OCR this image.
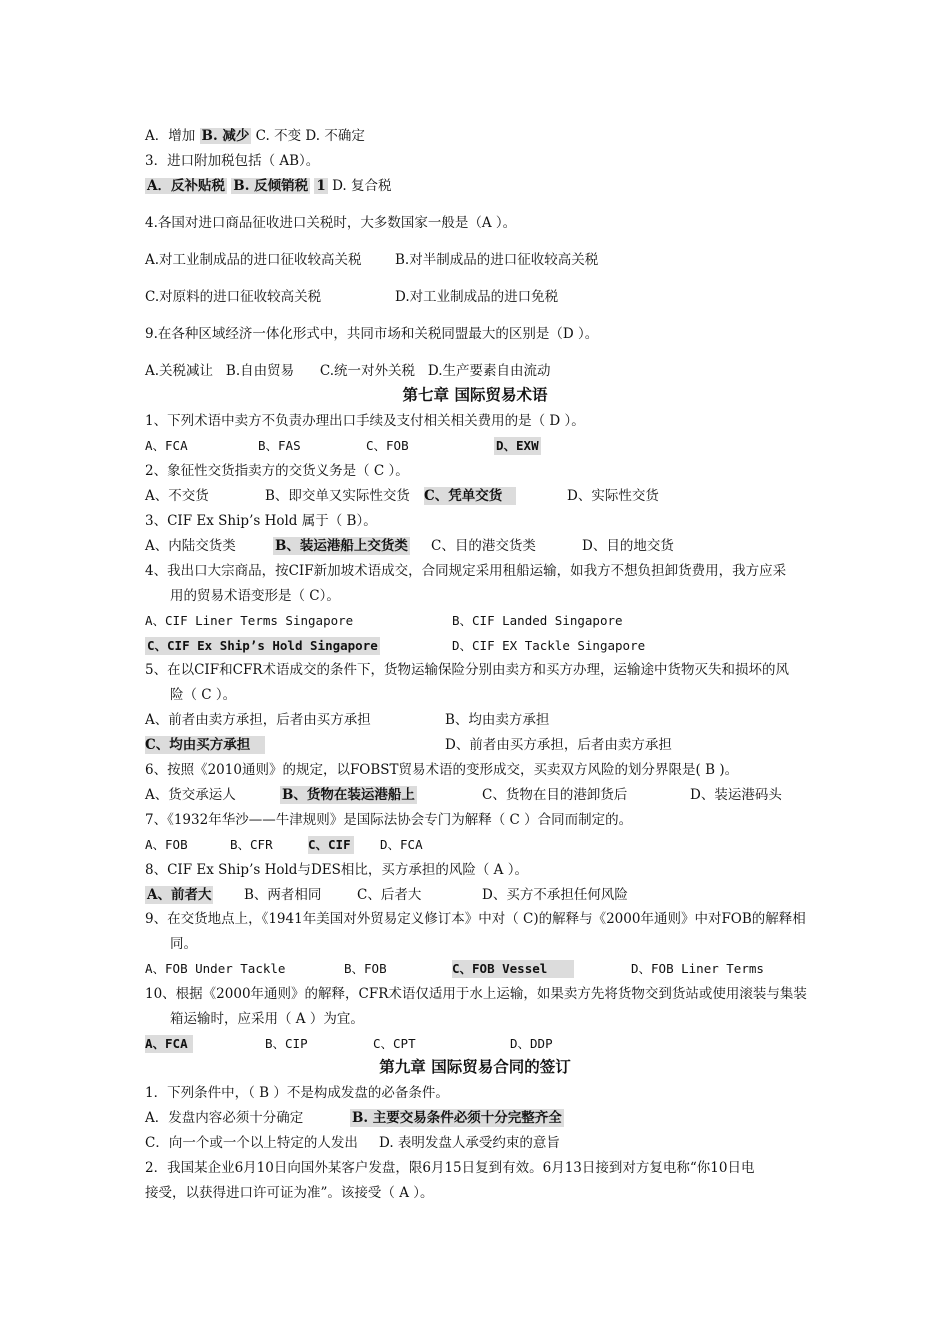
A．增加 B. 减少 C. 不变 D. 不确定
3．进口附加税包括（ AB）。
A．反补贴税 B. 反倾销税 1 D. 复合税
4.各国对进口商品征收进口关税时，大多数国家一般是（A ）。
A.对工业制成品的进口征收较高关税 B.对半制成品的进口征收较高关税
C.对原料的进口征收较高关税	D.对工业制成品的进口免税
9.在各种区域经济一体化形式中，共同市场和关税同盟最大的区别是（D ）。
A.关税减让   B.自由贸易      C.统一对外关税   D.生产要素自由流动
第七章 国际贸易术语
1、下列术语中卖方不负责办理出口手续及支付相关相关费用的是（ D ）。
A、FCA	B、FAS	C、FOB	D、EXW
2、象征性交货指卖方的交货义务是（ C ）。
A、不交货	B、即交单又实际性交货 C、凭单交货	D、实际性交货
3、CIF Ex Ship’s Hold 属于（ B）。
A、内陆交货类	B、装运港船上交货类 C、目的港交货类	D、目的地交货
4、我出口大宗商品，按CIF新加坡术语成交，合同规定采用租船运输，如我方不想负担卸货费用，我方应采
用的贸易术语变形是（ C）。
A、CIF Liner Terms Singapore	B、CIF Landed Singapore
C、CIF Ex Ship’s Hold Singapore	D、CIF EX Tackle Singapore
5、在以CIF和CFR术语成交的条件下，货物运输保险分别由卖方和买方办理，运输途中货物灭失和损坏的风
险（ C ）。
A、前者由卖方承担，后者由买方承担	B、均由卖方承担
C、均由买方承担	D、前者由买方承担，后者由卖方承担
6、按照《2010通则》的规定，以FOBST贸易术语的变形成交，买卖双方风险的划分界限是( B )。
A、货交承运人	B、货物在装运港船上	C、货物在目的港卸货后	D、装运港码头
7、《1932年华沙——牛津规则》是国际法协会专门为解释（ C ）合同而制定的。
A、FOB	B、CFR	C、CIF D、FCA
8、CIF Ex Ship’s Hold与DES相比，买方承担的风险（ A ）。
A、前者大 B、两者相同	C、后者大	D、买方不承担任何风险
9、在交货地点上，《1941年美国对外贸易定义修订本》中对（ C)的解释与《2000年通则》中对FOB的解释相
同。
A、FOB Under Tackle	B、FOB	C、FOB Vessel	D、FOB Liner Terms
10、根据《2000年通则》的解释，CFR术语仅适用于水上运输，如果卖方先将货物交到货站或使用滚装与集装
箱运输时，应采用（ A ）为宜。
A、FCA	B、CIP	C、CPT	D、DDP
第九章 国际贸易合同的签订
1．下列条件中，（ B ）不是构成发盘的必备条件。
A．发盘内容必须十分确定	B. 主要交易条件必须十分完整齐全
C．向一个或一个以上特定的人发出 D. 表明发盘人承受约束的意旨
2．我国某企业6月10日向国外某客户发盘，限6月15日复到有效。6月13日接到对方复电称“你10日电
接受，以获得进口许可证为准”。该接受（ A ）。
